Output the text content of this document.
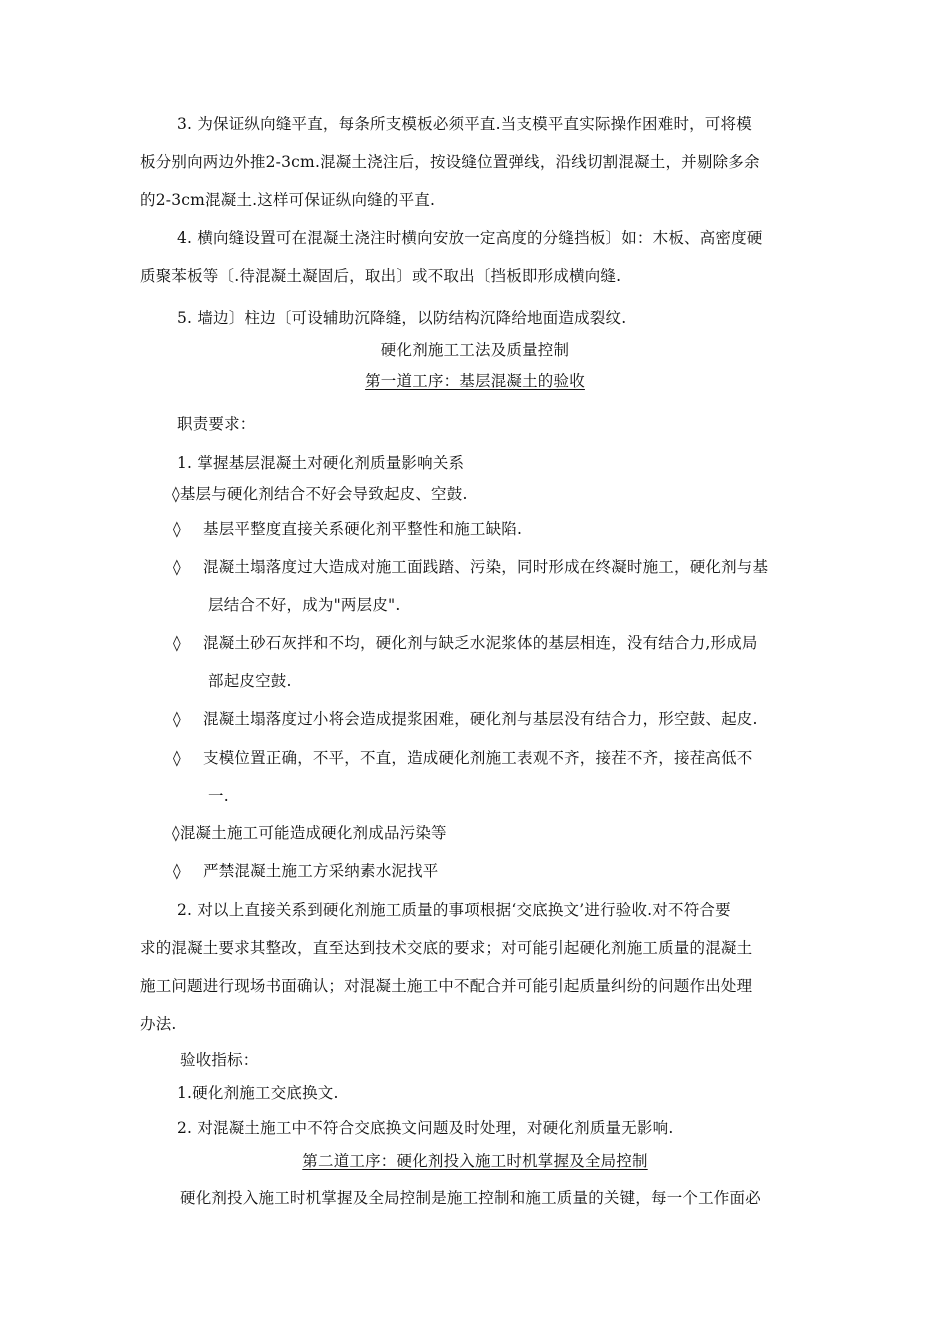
3. 为保证纵向缝平直，每条所支模板必须平直.当支模平直实际操作困难时，可将模
板分别向两边外推2-3cm.混凝土浇注后，按设缝位置弹线，沿线切割混凝土，并剔除多余
的2-3cm混凝土.这样可保证纵向缝的平直.
4. 横向缝设置可在混凝土浇注时横向安放一定高度的分缝挡板〕如：木板、高密度硬
质聚苯板等〔.待混凝土凝固后，取出〕或不取出〔挡板即形成横向缝.
5. 墙边〕柱边〔可设辅助沉降缝，以防结构沉降给地面造成裂纹.
硬化剂施工工法及质量控制
第一道工序：基层混凝土的验收
职责要求：
1. 掌握基层混凝土对硬化剂质量影响关系
◊基层与硬化剂结合不好会导致起皮、空鼓.
◊ 基层平整度直接关系硬化剂平整性和施工缺陷.
◊ 混凝土塌落度过大造成对施工面践踏、污染，同时形成在终凝时施工，硬化剂与基
层结合不好，成为"两层皮".
◊ 混凝土砂石灰拌和不均，硬化剂与缺乏水泥浆体的基层相连，没有结合力,形成局
部起皮空鼓.
◊ 混凝土塌落度过小将会造成提浆困难，硬化剂与基层没有结合力，形空鼓、起皮.
◊ 支模位置正确，不平，不直，造成硬化剂施工表观不齐，接茬不齐，接茬高低不
一.
◊混凝土施工可能造成硬化剂成品污染等
◊ 严禁混凝土施工方采纳素水泥找平
2. 对以上直接关系到硬化剂施工质量的事项根据‘交底换文’进行验收.对不符合要
求的混凝土要求其整改，直至达到技术交底的要求；对可能引起硬化剂施工质量的混凝土
施工问题进行现场书面确认；对混凝土施工中不配合并可能引起质量纠纷的问题作出处理
办法.
验收指标：
1.硬化剂施工交底换文.
2. 对混凝土施工中不符合交底换文问题及时处理，对硬化剂质量无影响.
第二道工序：硬化剂投入施工时机掌握及全局控制
硬化剂投入施工时机掌握及全局控制是施工控制和施工质量的关键，每一个工作面必
